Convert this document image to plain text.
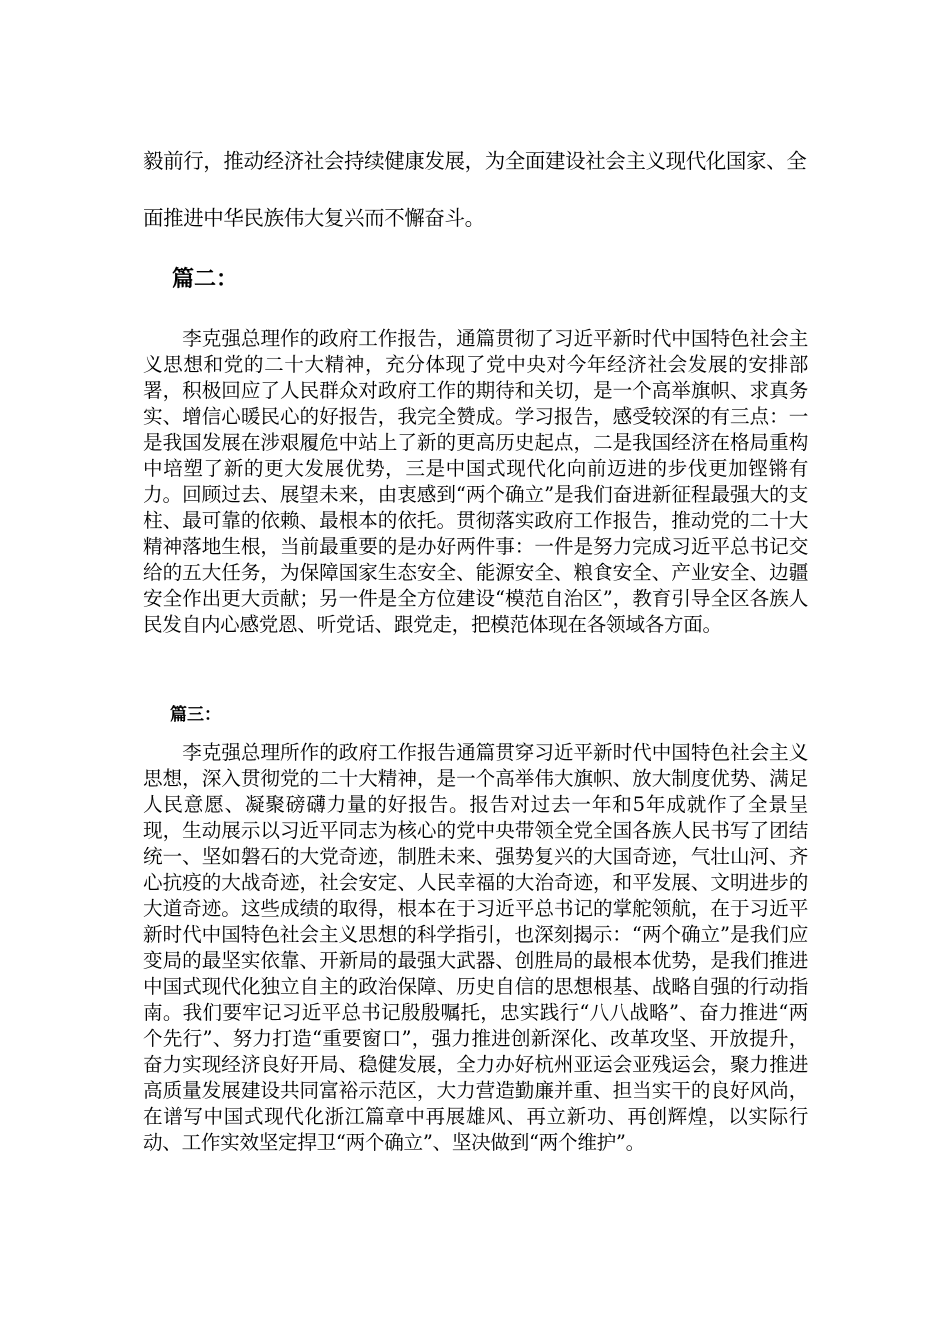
毅前行，推动经济社会持续健康发展，为全面建设社会主义现代化国家、全面推进中华民族伟大复兴而不懈奋斗。

篇二：

李克强总理作的政府工作报告，通篇贯彻了习近平新时代中国特色社会主义思想和党的二十大精神，充分体现了党中央对今年经济社会发展的安排部署，积极回应了人民群众对政府工作的期待和关切，是一个高举旗帜、求真务实、增信心暖民心的好报告，我完全赞成。学习报告，感受较深的有三点：一是我国发展在涉艰履危中站上了新的更高历史起点，二是我国经济在格局重构中培塑了新的更大发展优势，三是中国式现代化向前迈进的步伐更加铿锵有力。回顾过去、展望未来，由衷感到“两个确立”是我们奋进新征程最强大的支柱、最可靠的依赖、最根本的依托。贯彻落实政府工作报告，推动党的二十大精神落地生根，当前最重要的是办好两件事：一件是努力完成习近平总书记交给的五大任务，为保障国家生态安全、能源安全、粮食安全、产业安全、边疆安全作出更大贡献；另一件是全方位建设“模范自治区”，教育引导全区各族人民发自内心感党恩、听党话、跟党走，把模范体现在各领域各方面。

篇三：

李克强总理所作的政府工作报告通篇贯穿习近平新时代中国特色社会主义思想，深入贯彻党的二十大精神，是一个高举伟大旗帜、放大制度优势、满足人民意愿、凝聚磅礴力量的好报告。报告对过去一年和5年成就作了全景呈现，生动展示以习近平同志为核心的党中央带领全党全国各族人民书写了团结统一、坚如磐石的大党奇迹，制胜未来、强势复兴的大国奇迹，气壮山河、齐心抗疫的大战奇迹，社会安定、人民幸福的大治奇迹，和平发展、文明进步的大道奇迹。这些成绩的取得，根本在于习近平总书记的掌舵领航，在于习近平新时代中国特色社会主义思想的科学指引，也深刻揭示：“两个确立”是我们应变局的最坚实依靠、开新局的最强大武器、创胜局的最根本优势，是我们推进中国式现代化独立自主的政治保障、历史自信的思想根基、战略自强的行动指南。我们要牢记习近平总书记殷殷嘱托，忠实践行“八八战略”、奋力推进“两个先行”、努力打造“重要窗口”，强力推进创新深化、改革攻坚、开放提升，奋力实现经济良好开局、稳健发展，全力办好杭州亚运会亚残运会，聚力推进高质量发展建设共同富裕示范区，大力营造勤廉并重、担当实干的良好风尚，在谱写中国式现代化浙江篇章中再展雄风、再立新功、再创辉煌，以实际行动、工作实效坚定捍卫“两个确立”、坚决做到“两个维护”。
